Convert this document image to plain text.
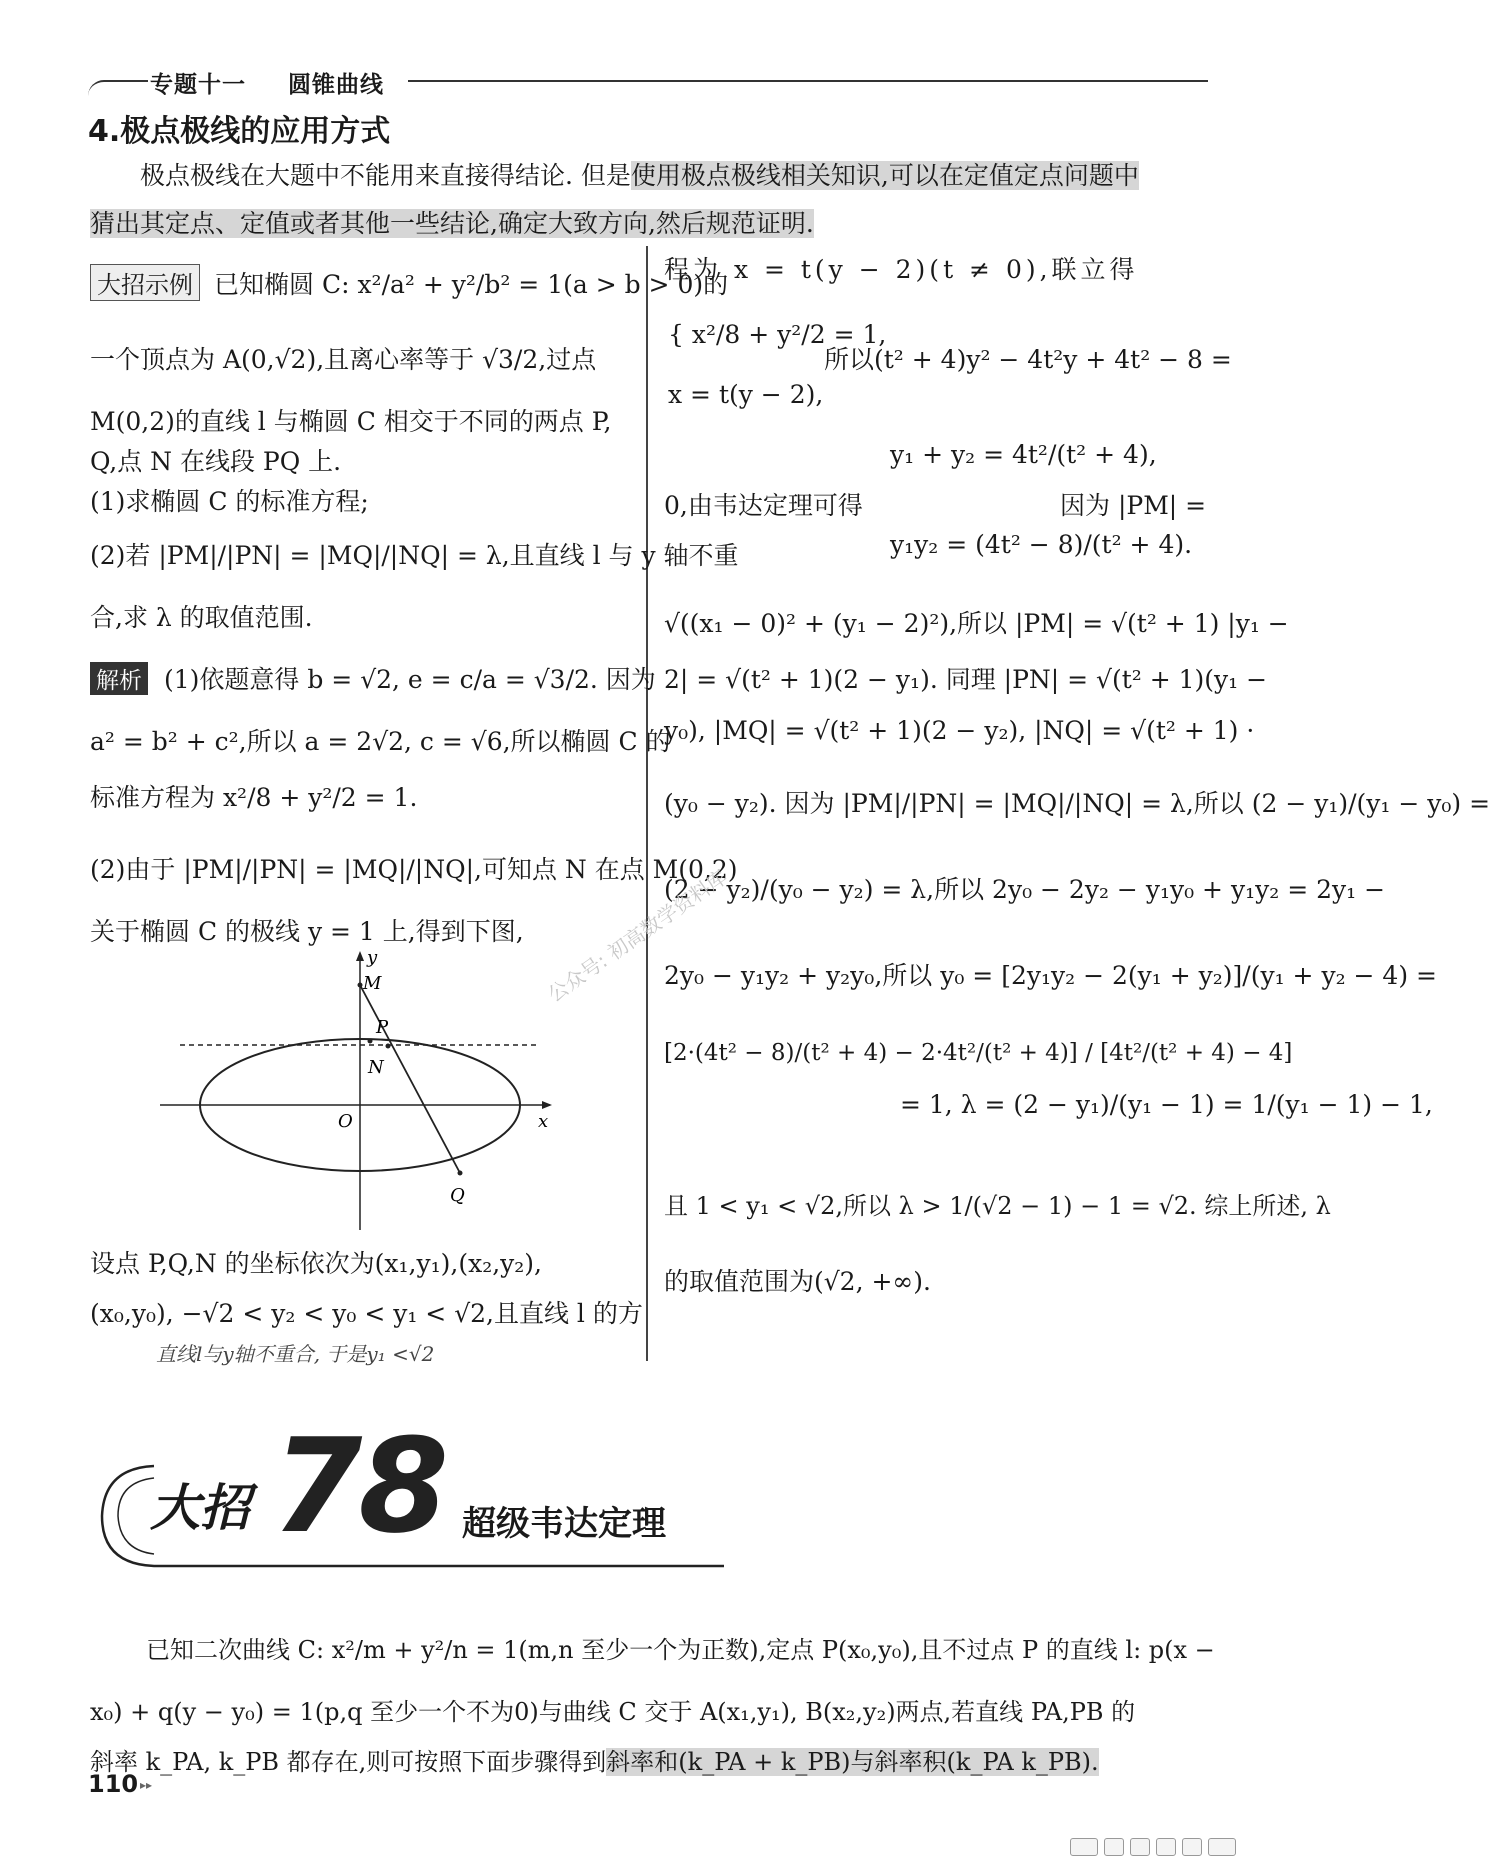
专题十一 圆锥曲线
4.极点极线的应用方式
极点极线在大题中不能用来直接得结论. 但是使用极点极线相关知识,可以在定值定点问题中
猜出其定点、定值或者其他一些结论,确定大致方向,然后规范证明.
大招示例 已知椭圆 C: x²/a² + y²/b² = 1(a > b > 0)的
一个顶点为 A(0,√2),且离心率等于 √3/2,过点
M(0,2)的直线 l 与椭圆 C 相交于不同的两点 P,
Q,点 N 在线段 PQ 上.
(1)求椭圆 C 的标准方程;
(2)若 |PM|/|PN| = |MQ|/|NQ| = λ,且直线 l 与 y 轴不重
合,求 λ 的取值范围.
解析 (1)依题意得 b = √2, e = c/a = √3/2. 因为
a² = b² + c²,所以 a = 2√2, c = √6,所以椭圆 C 的
标准方程为 x²/8 + y²/2 = 1.
(2)由于 |PM|/|PN| = |MQ|/|NQ|,可知点 N 在点 M(0,2)
关于椭圆 C 的极线 y = 1 上,得到下图,
y
M
P
N
O	x
Q
设点 P,Q,N 的坐标依次为(x₁,y₁),(x₂,y₂),
(x₀,y₀), −√2 < y₂ < y₀ < y₁ < √2,且直线 l 的方
直线l与y轴不重合, 于是y₁ <√2
程为 x = t(y − 2)(t ≠ 0),联立得
{ x²/8 + y²/2 = 1,
所以(t² + 4)y² − 4t²y + 4t² − 8 =
x = t(y − 2),
y₁ + y₂ = 4t²/(t² + 4),
0,由韦达定理可得	因为 |PM| =
y₁y₂ = (4t² − 8)/(t² + 4).
√((x₁ − 0)² + (y₁ − 2)²),所以 |PM| = √(t² + 1) |y₁ −
2| = √(t² + 1)(2 − y₁). 同理 |PN| = √(t² + 1)(y₁ −
y₀), |MQ| = √(t² + 1)(2 − y₂), |NQ| = √(t² + 1) ·
(y₀ − y₂). 因为 |PM|/|PN| = |MQ|/|NQ| = λ,所以 (2 − y₁)/(y₁ − y₀) =
(2 − y₂)/(y₀ − y₂) = λ,所以 2y₀ − 2y₂ − y₁y₀ + y₁y₂ = 2y₁ −
2y₀ − y₁y₂ + y₂y₀,所以 y₀ = [2y₁y₂ − 2(y₁ + y₂)]/(y₁ + y₂ − 4) =
[2·(4t² − 8)/(t² + 4) − 2·4t²/(t² + 4)] / [4t²/(t² + 4) − 4]
= 1, λ = (2 − y₁)/(y₁ − 1) = 1/(y₁ − 1) − 1,
且 1 < y₁ < √2,所以 λ > 1/(√2 − 1) − 1 = √2. 综上所述, λ
的取值范围为(√2, +∞).
公众号: 初高数学资料库
大招 78 超级韦达定理
已知二次曲线 C: x²/m + y²/n = 1(m,n 至少一个为正数),定点 P(x₀,y₀),且不过点 P 的直线 l: p(x −
x₀) + q(y − y₀) = 1(p,q 至少一个不为0)与曲线 C 交于 A(x₁,y₁), B(x₂,y₂)两点,若直线 PA,PB 的
斜率 k_PA, k_PB 都存在,则可按照下面步骤得到斜率和(k_PA + k_PB)与斜率积(k_PA k_PB).
110 ▸▸
